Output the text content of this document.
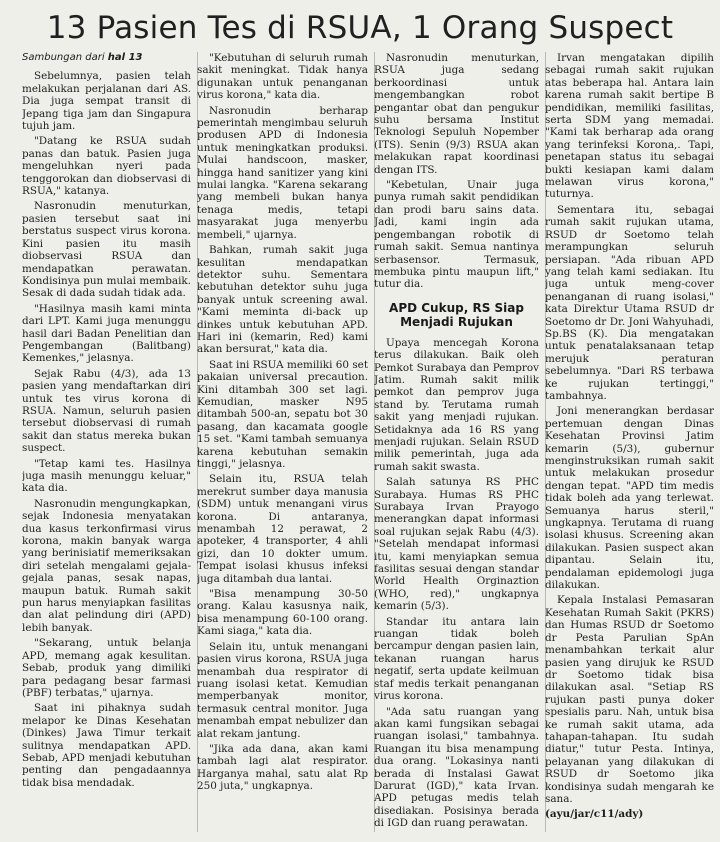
13 Pasien Tes di RSUA, 1 Orang Suspect

Sambungan dari hal 13

Sebelumnya, pasien telah melakukan perjalanan dari AS. Dia juga sempat transit di Jepang tiga jam dan Singapura tujuh jam.

"Datang ke RSUA sudah panas dan batuk. Pasien juga mengeluhkan nyeri pada tenggorokan dan diobservasi di RSUA," katanya.

Nasronudin menuturkan, pasien tersebut saat ini berstatus suspect virus korona. Kini pasien itu masih diobservasi RSUA dan mendapatkan perawatan. Kondisinya pun mulai membaik. Sesak di dada sudah tidak ada.

"Hasilnya masih kami minta dari LPT. Kami juga menunggu hasil dari Badan Penelitian dan Pengembangan (Balitbang) Kemenkes," jelasnya.

Sejak Rabu (4/3), ada 13 pasien yang mendaftarkan diri untuk tes virus korona di RSUA. Namun, seluruh pasien tersebut diobservasi di rumah sakit dan status mereka bukan suspect.

"Tetap kami tes. Hasilnya juga masih menunggu keluar," kata dia.

Nasronudin mengungkapkan, sejak Indonesia menyatakan dua kasus terkonfirmasi virus korona, makin banyak warga yang berinisiatif memeriksakan diri setelah mengalami gejala-gejala panas, sesak napas, maupun batuk. Rumah sakit pun harus menyiapkan fasilitas dan alat pelindung diri (APD) lebih banyak.

"Sekarang, untuk belanja APD, memang agak kesulitan. Sebab, produk yang dimiliki para pedagang besar farmasi (PBF) terbatas," ujarnya.

Saat ini pihaknya sudah melapor ke Dinas Kesehatan (Dinkes) Jawa Timur terkait sulitnya mendapatkan APD. Sebab, APD menjadi kebutuhan penting dan pengadaannya tidak bisa mendadak.

"Kebutuhan di seluruh rumah sakit meningkat. Tidak hanya digunakan untuk penanganan virus korona," kata dia.

Nasronudin berharap pemerintah mengimbau seluruh produsen APD di Indonesia untuk meningkatkan produksi. Mulai handscoon, masker, hingga hand sanitizer yang kini mulai langka. "Karena sekarang yang membeli bukan hanya tenaga medis, tetapi masyarakat juga menyerbu membeli," ujarnya.

Bahkan, rumah sakit juga kesulitan mendapatkan detektor suhu. Sementara kebutuhan detektor suhu juga banyak untuk screening awal. "Kami meminta di-back up dinkes untuk kebutuhan APD. Hari ini (kemarin, Red) kami akan bersurat," kata dia.

Saat ini RSUA memiliki 60 set pakaian universal precaution. Kini ditambah 300 set lagi. Kemudian, masker N95 ditambah 500-an, sepatu bot 30 pasang, dan kacamata google 15 set. "Kami tambah semuanya karena kebutuhan semakin tinggi," jelasnya.

Selain itu, RSUA telah merekrut sumber daya manusia (SDM) untuk menangani virus korona. Di antaranya, menambah 12 perawat, 2 apoteker, 4 transporter, 4 ahli gizi, dan 10 dokter umum. Tempat isolasi khusus infeksi juga ditambah dua lantai.

"Bisa menampung 30-50 orang. Kalau kasusnya naik, bisa menampung 60-100 orang. Kami siaga," kata dia.

Selain itu, untuk menangani pasien virus korona, RSUA juga menambah dua respirator di ruang isolasi ketat. Kemudian memperbanyak monitor, termasuk central monitor. Juga menambah empat nebulizer dan alat rekam jantung.

"Jika ada dana, akan kami tambah lagi alat respirator. Harganya mahal, satu alat Rp 250 juta," ungkapnya.

Nasronudin menuturkan, RSUA juga sedang berkoordinasi untuk mengembangkan robot pengantar obat dan pengukur suhu bersama Institut Teknologi Sepuluh Nopember (ITS). Senin (9/3) RSUA akan melakukan rapat koordinasi dengan ITS.

"Kebetulan, Unair juga punya rumah sakit pendidikan dan prodi baru sains data. Jadi, kami ingin ada pengembangan robotik di rumah sakit. Semua nantinya serbasensor. Termasuk, membuka pintu maupun lift," tutur dia.

APD Cukup, RS Siap Menjadi Rujukan

Upaya mencegah Korona terus dilakukan. Baik oleh Pemkot Surabaya dan Pemprov Jatim. Rumah sakit milik pemkot dan pemprov juga stand by. Terutama rumah sakit yang menjadi rujukan. Setidaknya ada 16 RS yang menjadi rujukan. Selain RSUD milik pemerintah, juga ada rumah sakit swasta.

Salah satunya RS PHC Surabaya. Humas RS PHC Surabaya Irvan Prayogo menerangkan dapat informasi soal rujukan sejak Rabu (4/3). "Setelah mendapat informasi itu, kami menyiapkan semua fasilitas sesuai dengan standar World Health Orginaztion (WHO, red)," ungkapnya kemarin (5/3).

Standar itu antara lain ruangan tidak boleh bercampur dengan pasien lain, tekanan ruangan harus negatif, serta update keilmuan staf medis terkait penanganan virus korona.

"Ada satu ruangan yang akan kami fungsikan sebagai ruangan isolasi," tambahnya. Ruangan itu bisa menampung dua orang. "Lokasinya nanti berada di Instalasi Gawat Darurat (IGD)," kata Irvan. APD petugas medis telah disediakan. Posisinya berada di IGD dan ruang perawatan.

Irvan mengatakan dipilih sebagai rumah sakit rujukan atas beberapa hal. Antara lain karena rumah sakit bertipe B pendidikan, memiliki fasilitas, serta SDM yang memadai. "Kami tak berharap ada orang yang terinfeksi Korona,. Tapi, penetapan status itu sebagai bukti kesiapan kami dalam melawan virus korona," tuturnya.

Sementara itu, sebagai rumah sakit rujukan utama, RSUD dr Soetomo telah merampungkan seluruh persiapan. "Ada ribuan APD yang telah kami sediakan. Itu juga untuk meng-cover penanganan di ruang isolasi," kata Direktur Utama RSUD dr Soetomo dr Dr. Joni Wahyuhadi, Sp.BS (K). Dia mengatakan untuk penatalaksanaan tetap merujuk peraturan sebelumnya. "Dari RS terbawa ke rujukan tertinggi," tambahnya.

Joni menerangkan berdasar pertemuan dengan Dinas Kesehatan Provinsi Jatim kemarin (5/3), gubernur menginstruksikan rumah sakit untuk melakukan prosedur dengan tepat. "APD tim medis tidak boleh ada yang terlewat. Semuanya harus steril," ungkapnya. Terutama di ruang isolasi khusus. Screening akan dilakukan. Pasien suspect akan dipantau. Selain itu, pendalaman epidemologi juga dilakukan.

Kepala Instalasi Pemasaran Kesehatan Rumah Sakit (PKRS) dan Humas RSUD dr Soetomo dr Pesta Parulian SpAn menambahkan terkait alur pasien yang dirujuk ke RSUD dr Soetomo tidak bisa dilakukan asal. "Setiap RS rujukan pasti punya doker spesialis paru. Nah, untuk bisa ke rumah sakit utama, ada tahapan-tahapan. Itu sudah diatur," tutur Pesta. Intinya, pelayanan yang dilakukan di RSUD dr Soetomo jika kondisinya sudah mengarah ke sana.

(ayu/jar/c11/ady)
